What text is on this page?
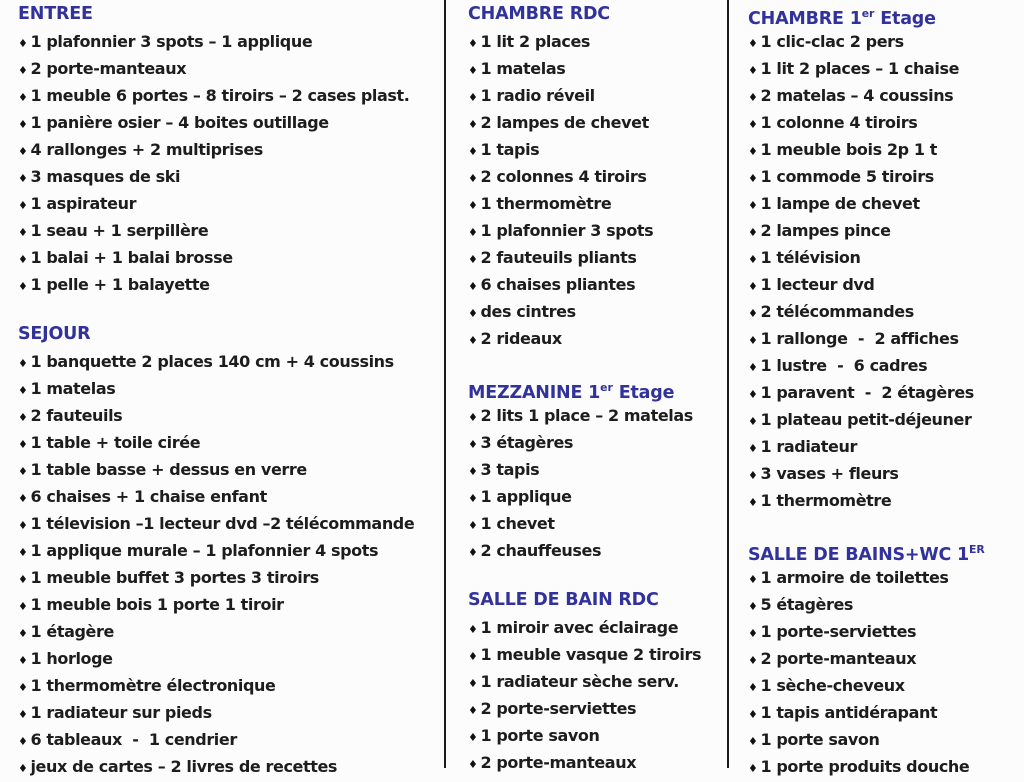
ENTREE
♦ 1 plafonnier 3 spots – 1 applique
♦ 2 porte-manteaux
♦ 1 meuble 6 portes – 8 tiroirs – 2 cases plast.
♦ 1 panière osier – 4 boites outillage
♦ 4 rallonges + 2 multiprises
♦ 3 masques de ski
♦ 1 aspirateur
♦ 1 seau + 1 serpillère
♦ 1 balai + 1 balai brosse
♦ 1 pelle + 1 balayette
SEJOUR
♦ 1 banquette 2 places 140 cm + 4 coussins
♦ 1 matelas
♦ 2 fauteuils
♦ 1 table + toile cirée
♦ 1 table basse + dessus en verre
♦ 6 chaises + 1 chaise enfant
♦ 1 télevision –1 lecteur dvd –2 télécommande
♦ 1 applique murale – 1 plafonnier 4 spots
♦ 1 meuble buffet 3 portes 3 tiroirs
♦ 1 meuble bois 1 porte 1 tiroir
♦ 1 étagère
♦ 1 horloge
♦ 1 thermomètre électronique
♦ 1 radiateur sur pieds
♦ 6 tableaux  -  1 cendrier
♦ jeux de cartes – 2 livres de recettes
CHAMBRE RDC
♦ 1 lit 2 places
♦ 1 matelas
♦ 1 radio réveil
♦ 2 lampes de chevet
♦ 1 tapis
♦ 2 colonnes 4 tiroirs
♦ 1 thermomètre
♦ 1 plafonnier 3 spots
♦ 2 fauteuils pliants
♦ 6 chaises pliantes
♦ des cintres
♦ 2 rideaux
MEZZANINE 1er Etage
♦ 2 lits 1 place – 2 matelas
♦ 3 étagères
♦ 3 tapis
♦ 1 applique
♦ 1 chevet
♦ 2 chauffeuses
SALLE DE BAIN RDC
♦ 1 miroir avec éclairage
♦ 1 meuble vasque 2 tiroirs
♦ 1 radiateur sèche serv.
♦ 2 porte-serviettes
♦ 1 porte savon
♦ 2 porte-manteaux
CHAMBRE 1er Etage
♦ 1 clic-clac 2 pers
♦ 1 lit 2 places – 1 chaise
♦ 2 matelas – 4 coussins
♦ 1 colonne 4 tiroirs
♦ 1 meuble bois 2p 1 t
♦ 1 commode 5 tiroirs
♦ 1 lampe de chevet
♦ 2 lampes pince
♦ 1 télévision
♦ 1 lecteur dvd
♦ 2 télécommandes
♦ 1 rallonge  -  2 affiches
♦ 1 lustre  -  6 cadres
♦ 1 paravent  -  2 étagères
♦ 1 plateau petit-déjeuner
♦ 1 radiateur
♦ 3 vases + fleurs
♦ 1 thermomètre
SALLE DE BAINS+WC 1ER
♦ 1 armoire de toilettes
♦ 5 étagères
♦ 1 porte-serviettes
♦ 2 porte-manteaux
♦ 1 sèche-cheveux
♦ 1 tapis antidérapant
♦ 1 porte savon
♦ 1 porte produits douche
